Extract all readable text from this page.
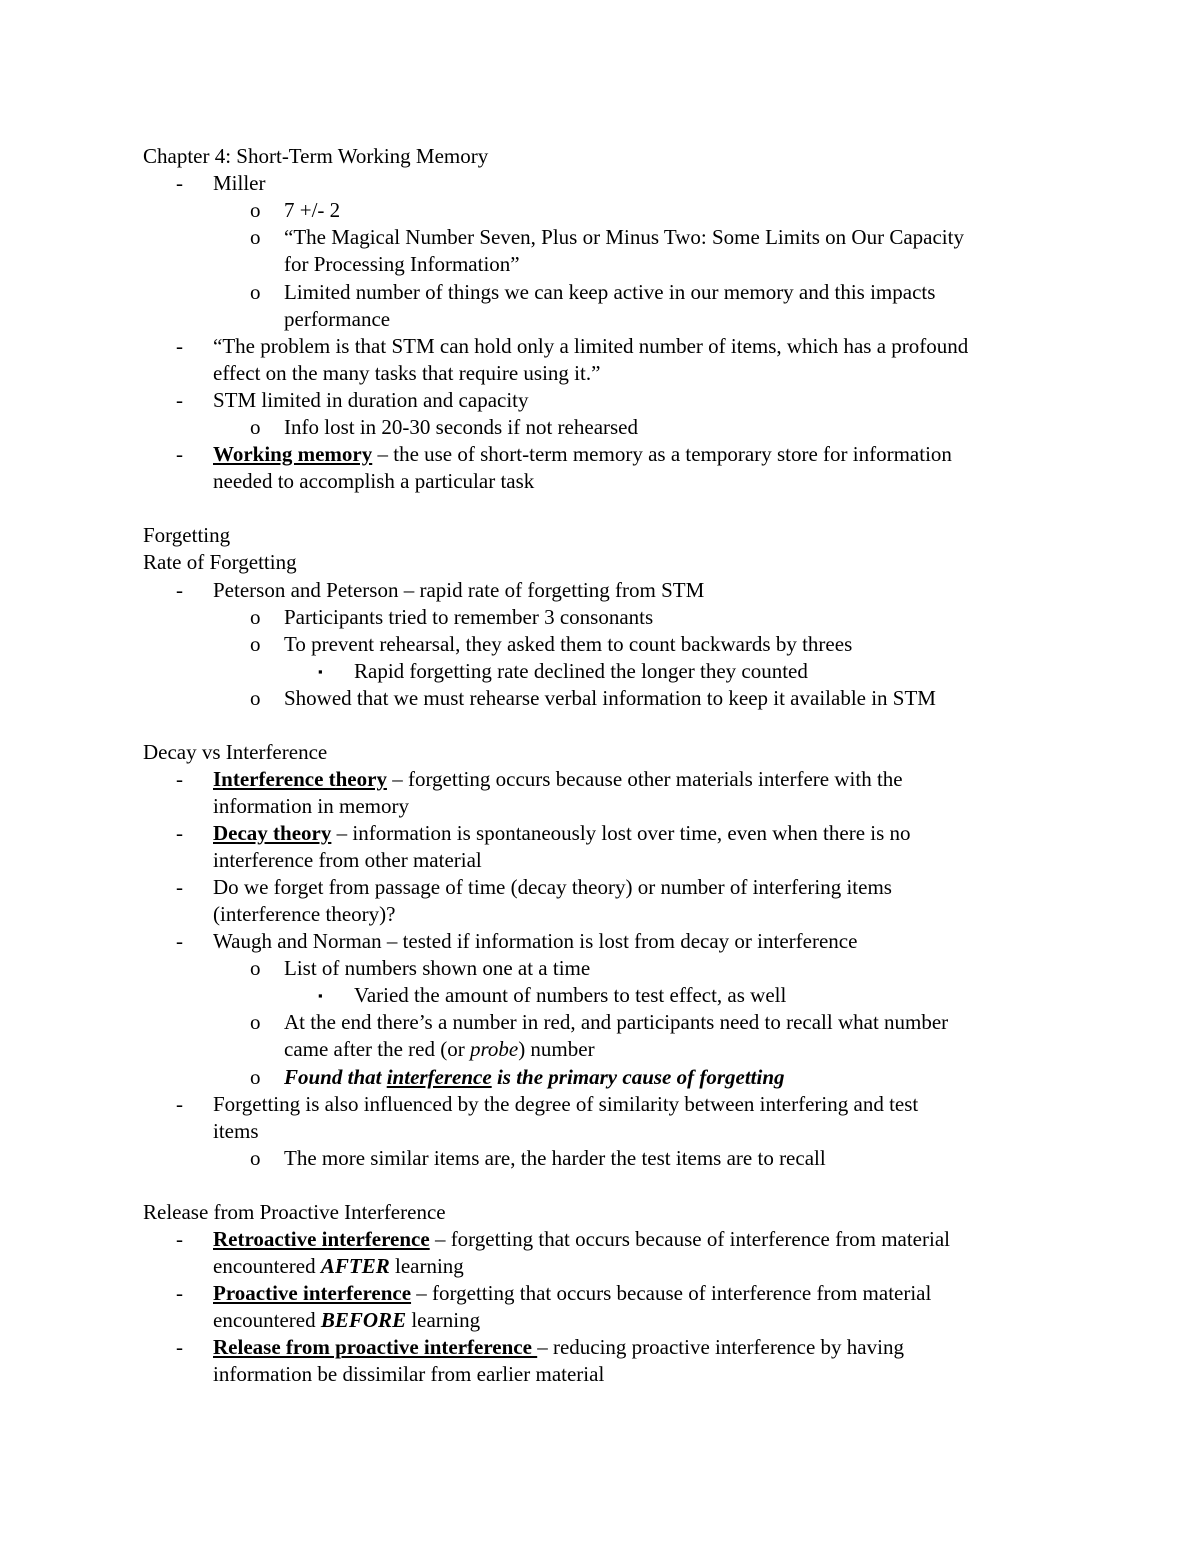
Chapter 4: Short-Term Working Memory
-	Miller
o	7 +/- 2
o	“The Magical Number Seven, Plus or Minus Two: Some Limits on Our Capacity
for Processing Information”
o	Limited number of things we can keep active in our memory and this impacts
performance
-	“The problem is that STM can hold only a limited number of items, which has a profound
effect on the many tasks that require using it.”
-	STM limited in duration and capacity
o	Info lost in 20-30 seconds if not rehearsed
-	Working memory – the use of short-term memory as a temporary store for information
needed to accomplish a particular task
Forgetting
Rate of Forgetting
-	Peterson and Peterson – rapid rate of forgetting from STM
o	Participants tried to remember 3 consonants
o	To prevent rehearsal, they asked them to count backwards by threes
▪	Rapid forgetting rate declined the longer they counted
o	Showed that we must rehearse verbal information to keep it available in STM
Decay vs Interference
-	Interference theory – forgetting occurs because other materials interfere with the
information in memory
-	Decay theory – information is spontaneously lost over time, even when there is no
interference from other material
-	Do we forget from passage of time (decay theory) or number of interfering items
(interference theory)?
-	Waugh and Norman – tested if information is lost from decay or interference
o	List of numbers shown one at a time
▪	Varied the amount of numbers to test effect, as well
o	At the end there’s a number in red, and participants need to recall what number
came after the red (or probe) number
o	Found that interference is the primary cause of forgetting
-	Forgetting is also influenced by the degree of similarity between interfering and test
items
o	The more similar items are, the harder the test items are to recall
Release from Proactive Interference
-	Retroactive interference – forgetting that occurs because of interference from material
encountered AFTER learning
-	Proactive interference – forgetting that occurs because of interference from material
encountered BEFORE learning
-	Release from proactive interference – reducing proactive interference by having
information be dissimilar from earlier material
